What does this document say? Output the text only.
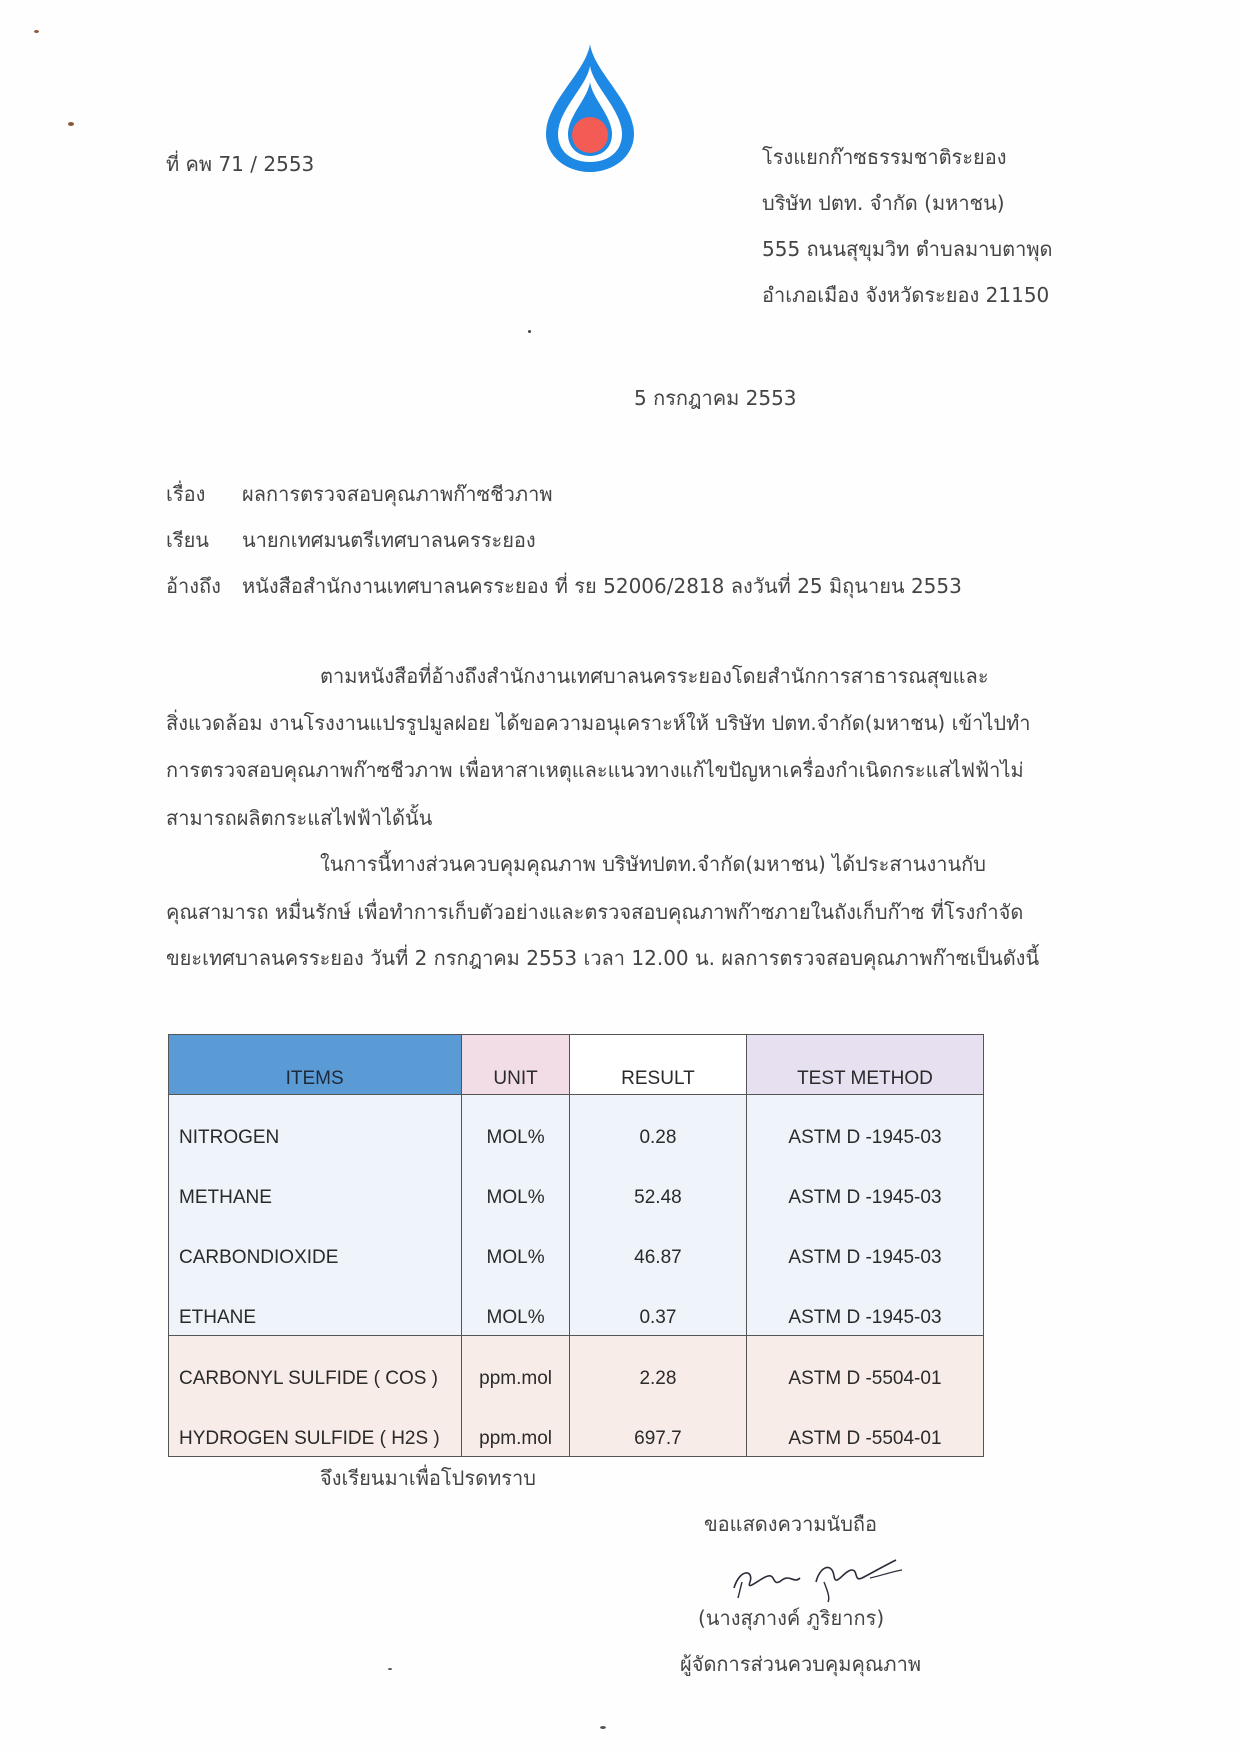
ที่ คพ 71 / 2553	โรงแยกก๊าซธรรมชาติระยอง
บริษัท ปตท. จำกัด (มหาชน)
555 ถนนสุขุมวิท ตำบลมาบตาพุด
อำเภอเมือง จังหวัดระยอง 21150
5 กรกฎาคม 2553
เรื่อง ผลการตรวจสอบคุณภาพก๊าซชีวภาพ
เรียน นายกเทศมนตรีเทศบาลนครระยอง
อ้างถึง หนังสือสำนักงานเทศบาลนครระยอง ที่ รย 52006/2818 ลงวันที่ 25 มิถุนายน 2553
ตามหนังสือที่อ้างถึงสำนักงานเทศบาลนครระยองโดยสำนักการสาธารณสุขและ
สิ่งแวดล้อม งานโรงงานแปรรูปมูลฝอย ได้ขอความอนุเคราะห์ให้ บริษัท ปตท.จำกัด(มหาชน) เข้าไปทำ
การตรวจสอบคุณภาพก๊าซชีวภาพ เพื่อหาสาเหตุและแนวทางแก้ไขปัญหาเครื่องกำเนิดกระแสไฟฟ้าไม่
สามารถผลิตกระแสไฟฟ้าได้นั้น
ในการนี้ทางส่วนควบคุมคุณภาพ บริษัทปตท.จำกัด(มหาชน) ได้ประสานงานกับ
คุณสามารถ หมื่นรักษ์ เพื่อทำการเก็บตัวอย่างและตรวจสอบคุณภาพก๊าซภายในถังเก็บก๊าซ ที่โรงกำจัด
ขยะเทศบาลนครระยอง วันที่ 2 กรกฎาคม 2553 เวลา 12.00 น. ผลการตรวจสอบคุณภาพก๊าซเป็นดังนี้
ITEMS	UNIT	RESULT	TEST METHOD
NITROGEN	MOL%	0.28	ASTM D -1945-03
METHANE	MOL%	52.48	ASTM D -1945-03
CARBONDIOXIDE	MOL%	46.87	ASTM D -1945-03
ETHANE	MOL%	0.37	ASTM D -1945-03
CARBONYL SULFIDE ( COS )	ppm.mol	2.28	ASTM D -5504-01
HYDROGEN SULFIDE ( H2S )	ppm.mol	697.7	ASTM D -5504-01
จึงเรียนมาเพื่อโปรดทราบ
ขอแสดงความนับถือ
(นางสุภางค์ ภูริยากร)
ผู้จัดการส่วนควบคุมคุณภาพ
